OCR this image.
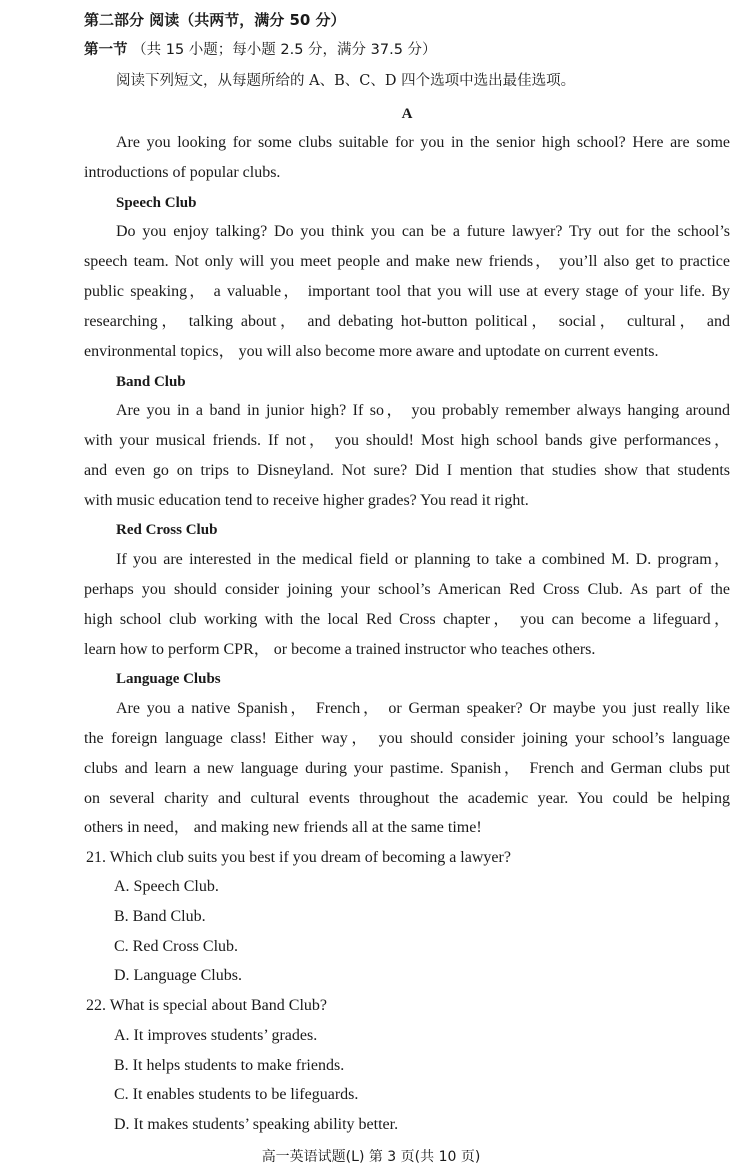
第二部分 阅读（共两节，满分 50 分）
第一节 （共 15 小题；每小题 2.5 分，满分 37.5 分）
阅读下列短文，从每题所给的 A、B、C、D 四个选项中选出最佳选项。
A
Are you looking for some clubs suitable for you in the senior high school? Here are some
introductions of popular clubs.
Speech Club
Do you enjoy talking? Do you think you can be a future lawyer? Try out for the school’s
speech team. Not only will you meet people and make new friends， you’ll also get to practice
public speaking， a valuable， important tool that you will use at every stage of your life. By
researching， talking about， and debating hot-button political， social， cultural， and
environmental topics， you will also become more aware and uptodate on current events.
Band Club
Are you in a band in junior high? If so， you probably remember always hanging around
with your musical friends. If not， you should! Most high school bands give performances，
and even go on trips to Disneyland. Not sure? Did I mention that studies show that students
with music education tend to receive higher grades? You read it right.
Red Cross Club
If you are interested in the medical field or planning to take a combined M. D. program，
perhaps you should consider joining your school’s American Red Cross Club. As part of the
high school club working with the local Red Cross chapter， you can become a lifeguard，
learn how to perform CPR， or become a trained instructor who teaches others.
Language Clubs
Are you a native Spanish， French， or German speaker? Or maybe you just really like
the foreign language class! Either way， you should consider joining your school’s language
clubs and learn a new language during your pastime. Spanish， French and German clubs put
on several charity and cultural events throughout the academic year. You could be helping
others in need， and making new friends all at the same time!
21. Which club suits you best if you dream of becoming a lawyer?
A. Speech Club.
B. Band Club.
C. Red Cross Club.
D. Language Clubs.
22. What is special about Band Club?
A. It improves students’ grades.
B. It helps students to make friends.
C. It enables students to be lifeguards.
D. It makes students’ speaking ability better.
高一英语试题(L) 第 3 页(共 10 页)
